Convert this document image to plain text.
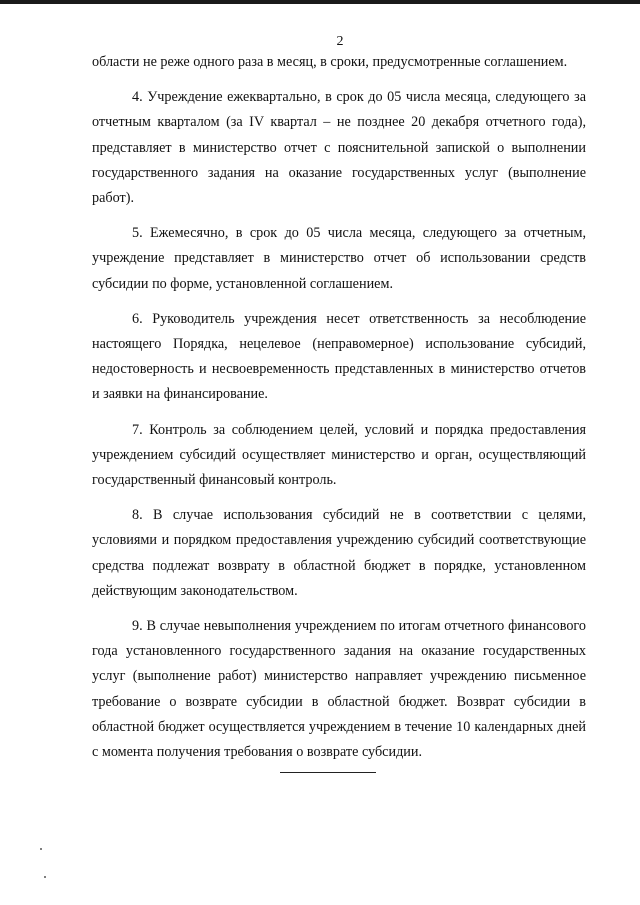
2

области не реже одного раза в месяц, в сроки, предусмотренные соглашением.

4. Учреждение ежеквартально, в срок до 05 числа месяца, следующего за отчетным кварталом (за IV квартал – не позднее 20 декабря отчетного года), представляет в министерство отчет с пояснительной запиской о выполнении государственного задания на оказание государственных услуг (выполнение работ).

5. Ежемесячно, в срок до 05 числа месяца, следующего за отчетным, учреждение представляет в министерство отчет об использовании средств субсидии по форме, установленной соглашением.

6. Руководитель учреждения несет ответственность за несоблюдение настоящего Порядка, нецелевое (неправомерное) использование субсидий, недостоверность и несвоевременность представленных в министерство отчетов и заявки на финансирование.

7. Контроль за соблюдением целей, условий и порядка предоставления учреждением субсидий осуществляет министерство и орган, осуществляющий государственный финансовый контроль.

8. В случае использования субсидий не в соответствии с целями, условиями и порядком предоставления учреждению субсидий соответствующие средства подлежат возврату в областной бюджет в порядке, установленном действующим законодательством.

9. В случае невыполнения учреждением по итогам отчетного финансового года установленного государственного задания на оказание государственных услуг (выполнение работ) министерство направляет учреждению письменное требование о возврате субсидии в областной бюджет. Возврат субсидии в областной бюджет осуществляется учреждением в течение 10 календарных дней с момента получения требования о возврате субсидии.
